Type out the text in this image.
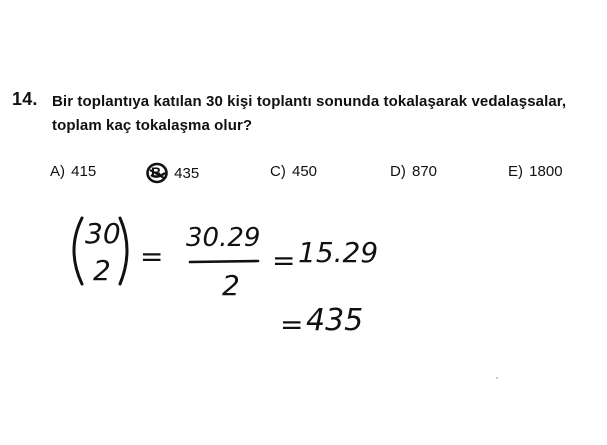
14. Bir toplantıya katılan 30 kişi toplantı sonunda tokalaşarak vedalaşsalar, toplam kaç tokalaşma olur?
A) 415	B 435	C) 450	D) 870	E) 1800
30
2 =
30.29
2
= 15.29
= 435
